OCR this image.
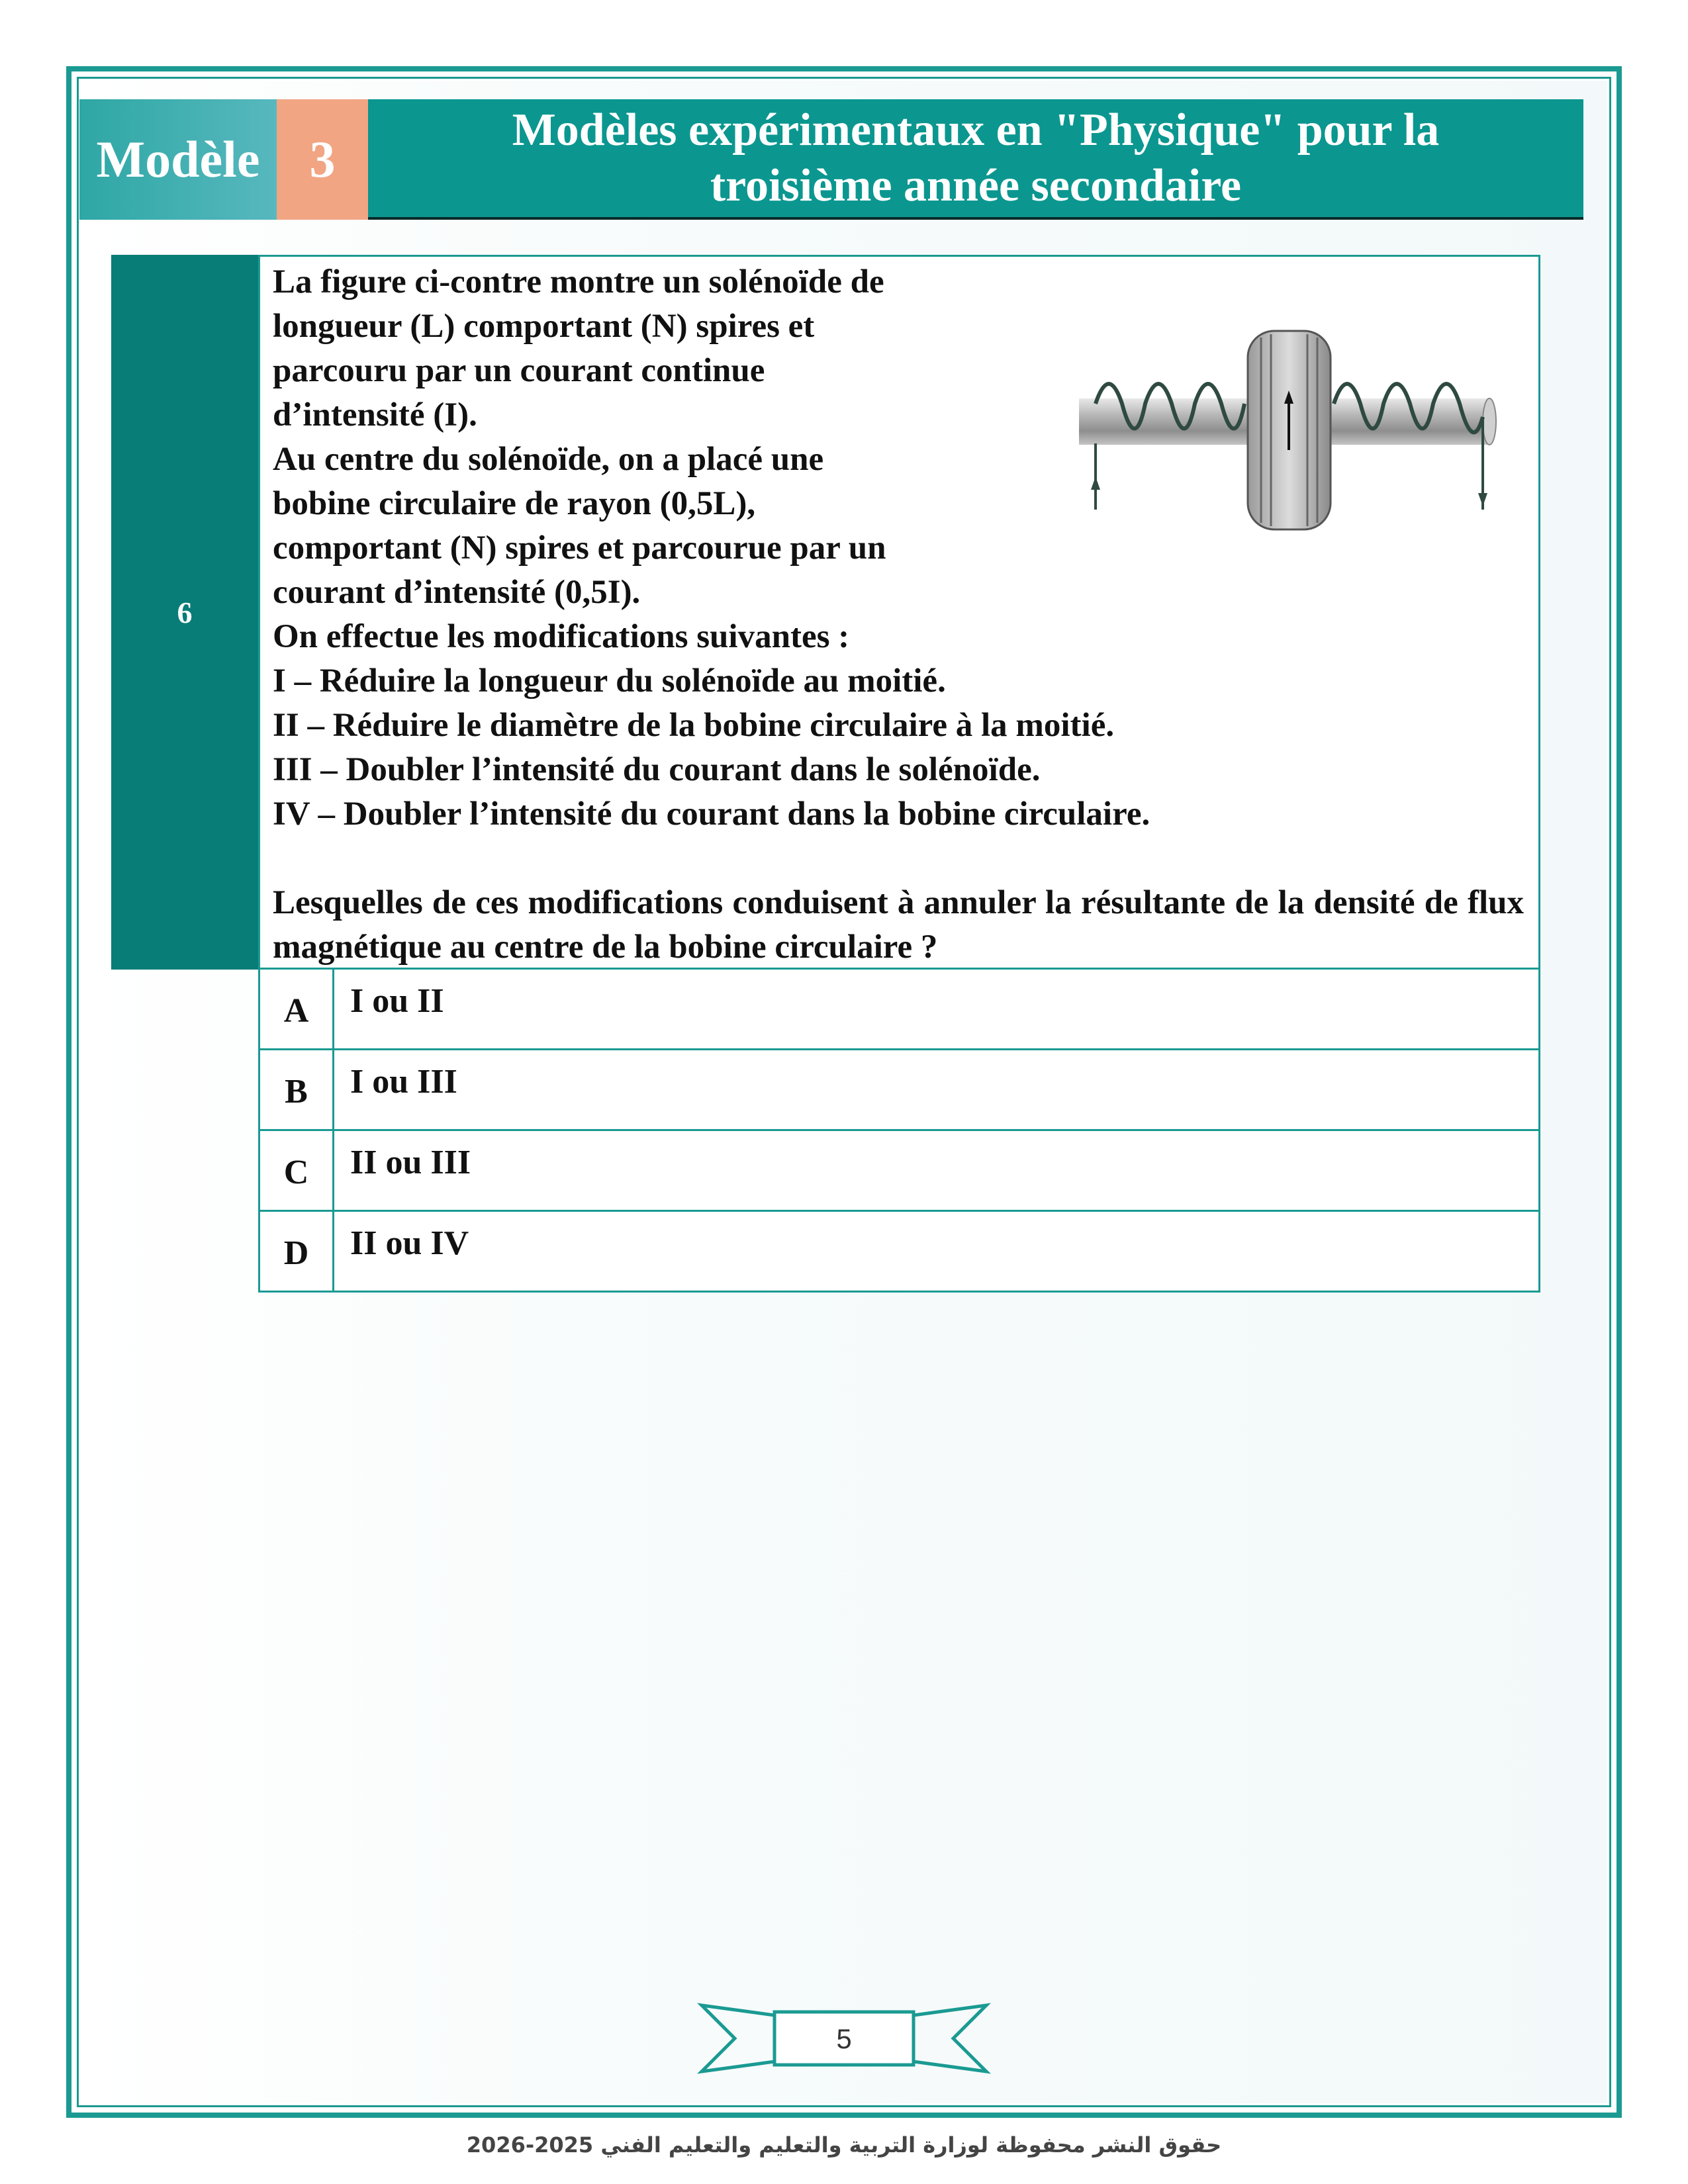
Modèle 3
Modèles expérimentaux en "Physique" pour la
troisième année secondaire
6

La figure ci-contre montre un solénoïde de

longueur (L) comportant (N) spires et

parcouru par un courant continue

d’intensité (I).

Au centre du solénoïde, on a placé une

bobine circulaire de rayon (0,5L),

comportant (N) spires et parcourue par un

courant d’intensité (0,5I).

On effectue les modifications suivantes :

I – Réduire la longueur du solénoïde au moitié.

II – Réduire le diamètre de la bobine circulaire à la moitié.

III – Doubler l’intensité du courant dans le solénoïde.

IV – Doubler l’intensité du courant dans la bobine circulaire.

Lesquelles de ces modifications conduisent à annuler la résultante de la densité de flux magnétique au centre de la bobine circulaire ?

A	I ou II
B	I ou III
C	II ou III
D	II ou IV
5
حقوق النشر محفوظة لوزارة التربية والتعليم والتعليم الفني 2025-2026
